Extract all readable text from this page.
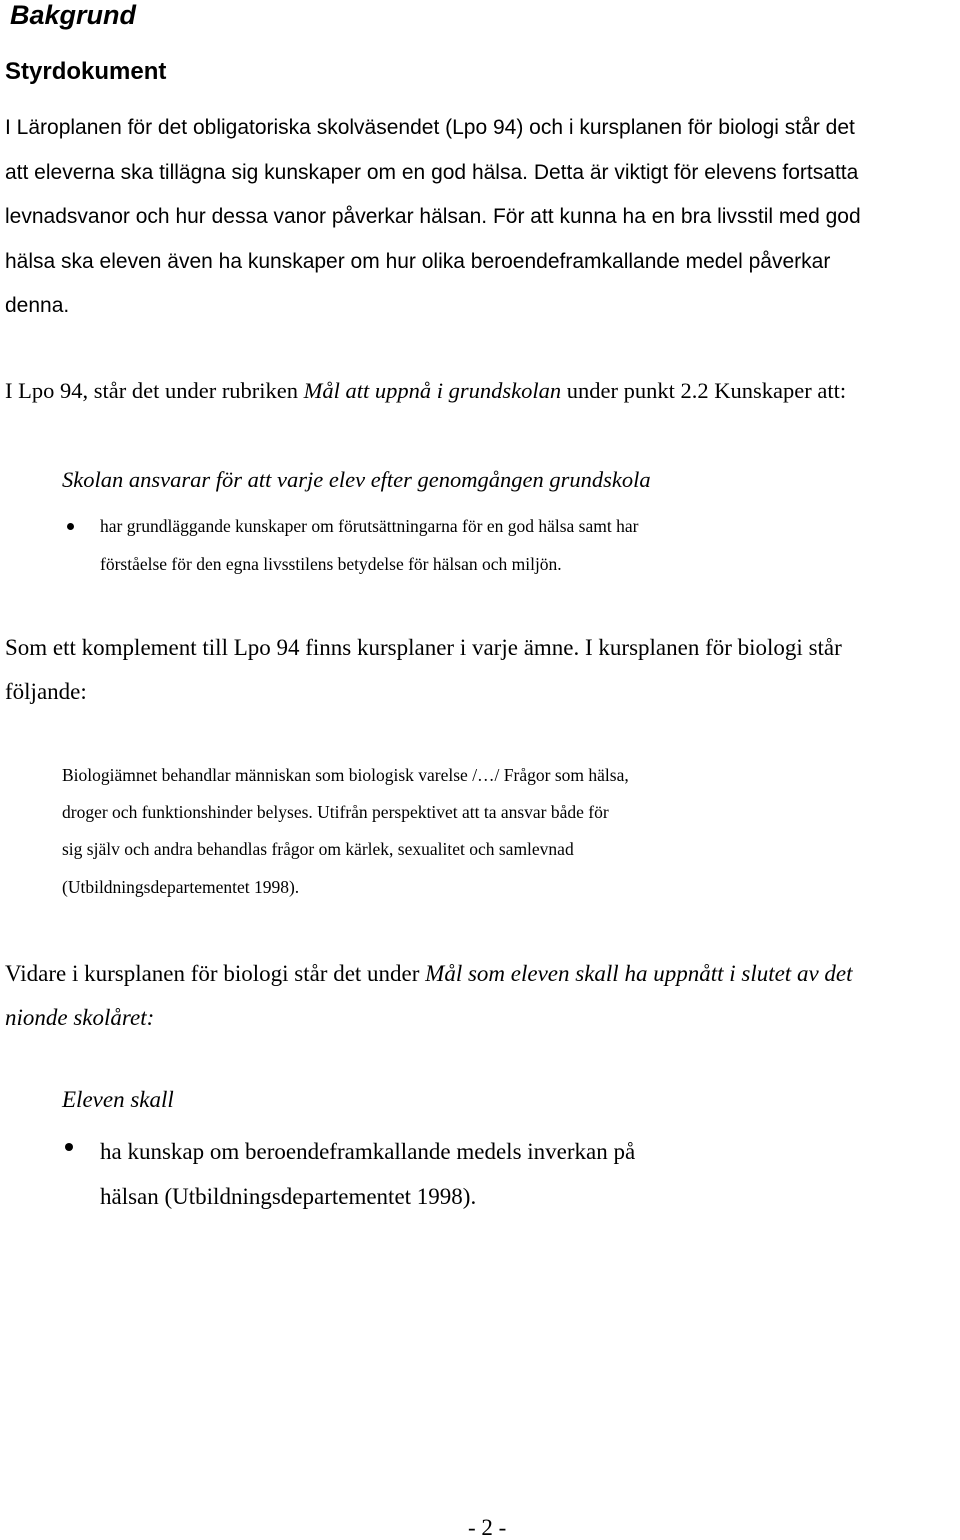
Bakgrund
Styrdokument
I Läroplanen för det obligatoriska skolväsendet (Lpo 94) och i kursplanen för biologi står det
att eleverna ska tillägna sig kunskaper om en god hälsa. Detta är viktigt för elevens fortsatta
levnadsvanor och hur dessa vanor påverkar hälsan. För att kunna ha en bra livsstil med god
hälsa ska eleven även ha kunskaper om hur olika beroendeframkallande medel påverkar
denna.

I Lpo 94, står det under rubriken Mål att uppnå i grundskolan under punkt 2.2 Kunskaper att:

Skolan ansvarar för att varje elev efter genomgången grundskola

har grundläggande kunskaper om förutsättningarna för en god hälsa samt har
förståelse för den egna livsstilens betydelse för hälsan och miljön.
Som ett komplement till Lpo 94 finns kursplaner i varje ämne. I kursplanen för biologi står
följande:
Biologiämnet behandlar människan som biologisk varelse /…/ Frågor som hälsa,
droger och funktionshinder belyses. Utifrån perspektivet att ta ansvar både för
sig själv och andra behandlas frågor om kärlek, sexualitet och samlevnad
(Utbildningsdepartementet 1998).
Vidare i kursplanen för biologi står det under Mål som eleven skall ha uppnått i slutet av det
nionde skolåret:

Eleven skall

ha kunskap om beroendeframkallande medels inverkan på
hälsan (Utbildningsdepartementet 1998).

- 2 -
